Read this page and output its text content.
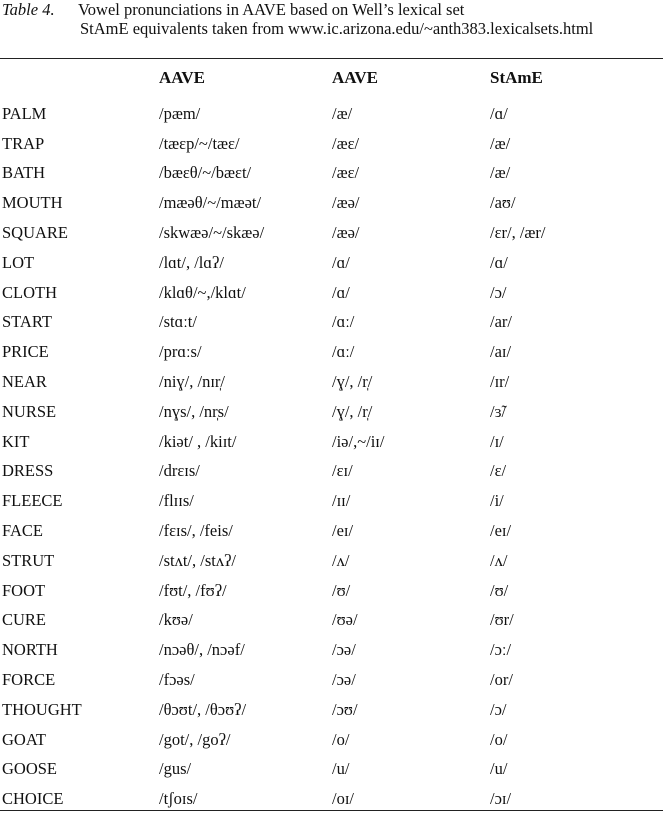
Table 4. Vowel pronunciations in AAVE based on Well’s lexical set
StAmE equivalents taken from www.ic.arizona.edu/~anth383.lexicalsets.html
	AAVE	AAVE	StAmE
PALM	/pæm/	/æ/	/ɑ/
TRAP	/tæɛp/~/tæɛ/	/æɛ/	/æ/
BATH	/bæɛθ/~/bæɛt/	/æɛ/	/æ/
MOUTH	/mæəθ/~/mæət/	/æə/	/aʊ/
SQUARE	/skwæə/~/skæə/	/æə/	/ɛr/, /ær/
LOT	/lɑt/, /lɑʔ/	/ɑ/	/ɑ/
CLOTH	/klɑθ/~,/klɑt/	/ɑ/	/ɔ/
START	/stɑːt/	/ɑː/	/ar/
PRICE	/prɑːs/	/ɑː/	/aɪ/
NEAR	/niɣ/, /nɪr̩/	/ɣ/, /r̩/	/ɪr/
NURSE	/nɣs/, /nr̩s/	/ɣ/, /r̩/	/ɜ̃/
KIT	/kiət/ , /kiɪt/	/iə/,~/iɪ/	/ɪ/
DRESS	/drɛɪs/	/ɛɪ/	/ɛ/
FLEECE	/flɪɪs/	/ɪɪ/	/i/
FACE	/fɛɪs/, /feis/	/eɪ/	/eɪ/
STRUT	/stʌt/, /stʌʔ/	/ʌ/	/ʌ/
FOOT	/fʊt/, /fʊʔ/	/ʊ/	/ʊ/
CURE	/kʊə/	/ʊə/	/ʊr/
NORTH	/nɔəθ/, /nɔəf/	/ɔə/	/ɔː/
FORCE	/fɔəs/	/ɔə/	/or/
THOUGHT	/θɔʊt/, /θɔʊʔ/	/ɔʊ/	/ɔ/
GOAT	/got/, /goʔ/	/o/	/o/
GOOSE	/gus/	/u/	/u/
CHOICE	/tʃoɪs/	/oɪ/	/ɔɪ/
